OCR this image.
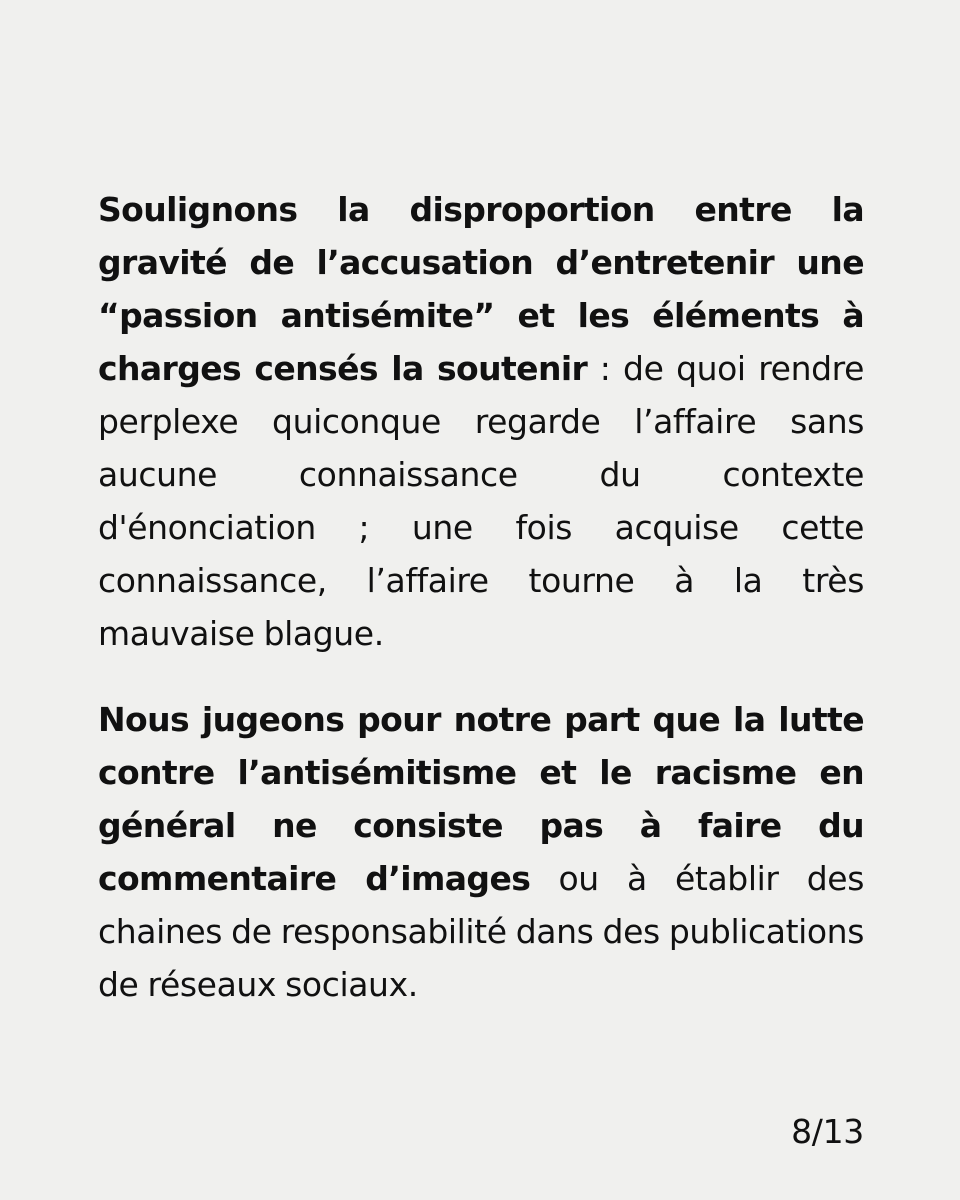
Soulignons la disproportion entre la gravité de l’accusation d’entretenir une “passion antisémite” et les éléments à charges censés la soutenir : de quoi rendre perplexe quiconque regarde l’affaire sans aucune connaissance du contexte d'énonciation ; une fois acquise cette connaissance, l’affaire tourne à la très mauvaise blague.

Nous jugeons pour notre part que la lutte contre l’antisémitisme et le racisme en général ne consiste pas à faire du commentaire d’images ou à établir des chaines de responsabilité dans des publications de réseaux sociaux.

8/13
